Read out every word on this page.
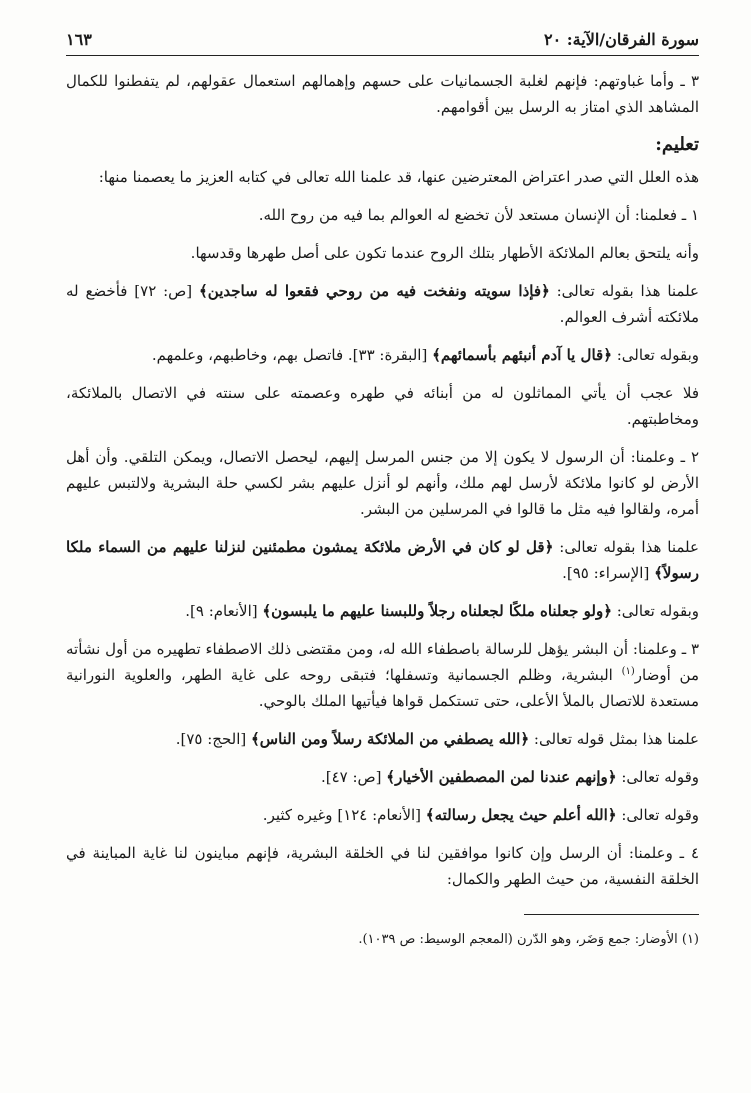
سورة الفرقان/الآية: ٢٠
١٦٣

٣ ـ وأما غباوتهم: فإنهم لغلبة الجسمانيات على حسهم وإهمالهم استعمال عقولهم، لم يتفطنوا للكمال المشاهد الذي امتاز به الرسل بين أقوامهم.

تعليم:

هذه العلل التي صدر اعتراض المعترضين عنها، قد علمنا الله تعالى في كتابه العزيز ما يعصمنا منها:

١ ـ فعلمنا: أن الإنسان مستعد لأن تخضع له العوالم بما فيه من روح الله.

وأنه يلتحق بعالم الملائكة الأطهار بتلك الروح عندما تكون على أصل طهرها وقدسها.

علمنا هذا بقوله تعالى: ﴿فإذا سويته ونفخت فيه من روحي فقعوا له ساجدين﴾ [ص: ٧٢] فأخضع له ملائكته أشرف العوالم.

وبقوله تعالى: ﴿قال يا آدم أنبئهم بأسمائهم﴾ [البقرة: ٣٣]. فاتصل بهم، وخاطبهم، وعلمهم.

فلا عجب أن يأتي المماثلون له من أبنائه في طهره وعصمته على سنته في الاتصال بالملائكة، ومخاطبتهم.

٢ ـ وعلمنا: أن الرسول لا يكون إلا من جنس المرسل إليهم، ليحصل الاتصال، ويمكن التلقي. وأن أهل الأرض لو كانوا ملائكة لأرسل لهم ملك، وأنهم لو أنزل عليهم بشر لكسي حلة البشرية ولالتبس عليهم أمره، ولقالوا فيه مثل ما قالوا في المرسلين من البشر.

علمنا هذا بقوله تعالى: ﴿قل لو كان في الأرض ملائكة يمشون مطمئنين لنزلنا عليهم من السماء ملكا رسولاً﴾ [الإسراء: ٩٥].

وبقوله تعالى: ﴿ولو جعلناه ملكًا لجعلناه رجلاً وللبسنا عليهم ما يلبسون﴾ [الأنعام: ٩].

٣ ـ وعلمنا: أن البشر يؤهل للرسالة باصطفاء الله له، ومن مقتضى ذلك الاصطفاء تطهيره من أول نشأته من أوضار$^{(١)}$ البشرية، وظلم الجسمانية وتسفلها؛ فتبقى روحه على غاية الطهر، والعلوية النورانية مستعدة للاتصال بالملأ الأعلى، حتى تستكمل قواها فيأتيها الملك بالوحي.

علمنا هذا بمثل قوله تعالى: ﴿الله يصطفي من الملائكة رسلاً ومن الناس﴾ [الحج: ٧٥].

وقوله تعالى: ﴿وإنهم عندنا لمن المصطفين الأخيار﴾ [ص: ٤٧].

وقوله تعالى: ﴿الله أعلم حيث يجعل رسالته﴾ [الأنعام: ١٢٤] وغيره كثير.

٤ ـ وعلمنا: أن الرسل وإن كانوا موافقين لنا في الخلقة البشرية، فإنهم مباينون لنا غاية المباينة في الخلقة النفسية، من حيث الطهر والكمال:

(١) الأوضار: جمع وَضَر، وهو الدّرن (المعجم الوسيط: ص ١٠٣٩).
